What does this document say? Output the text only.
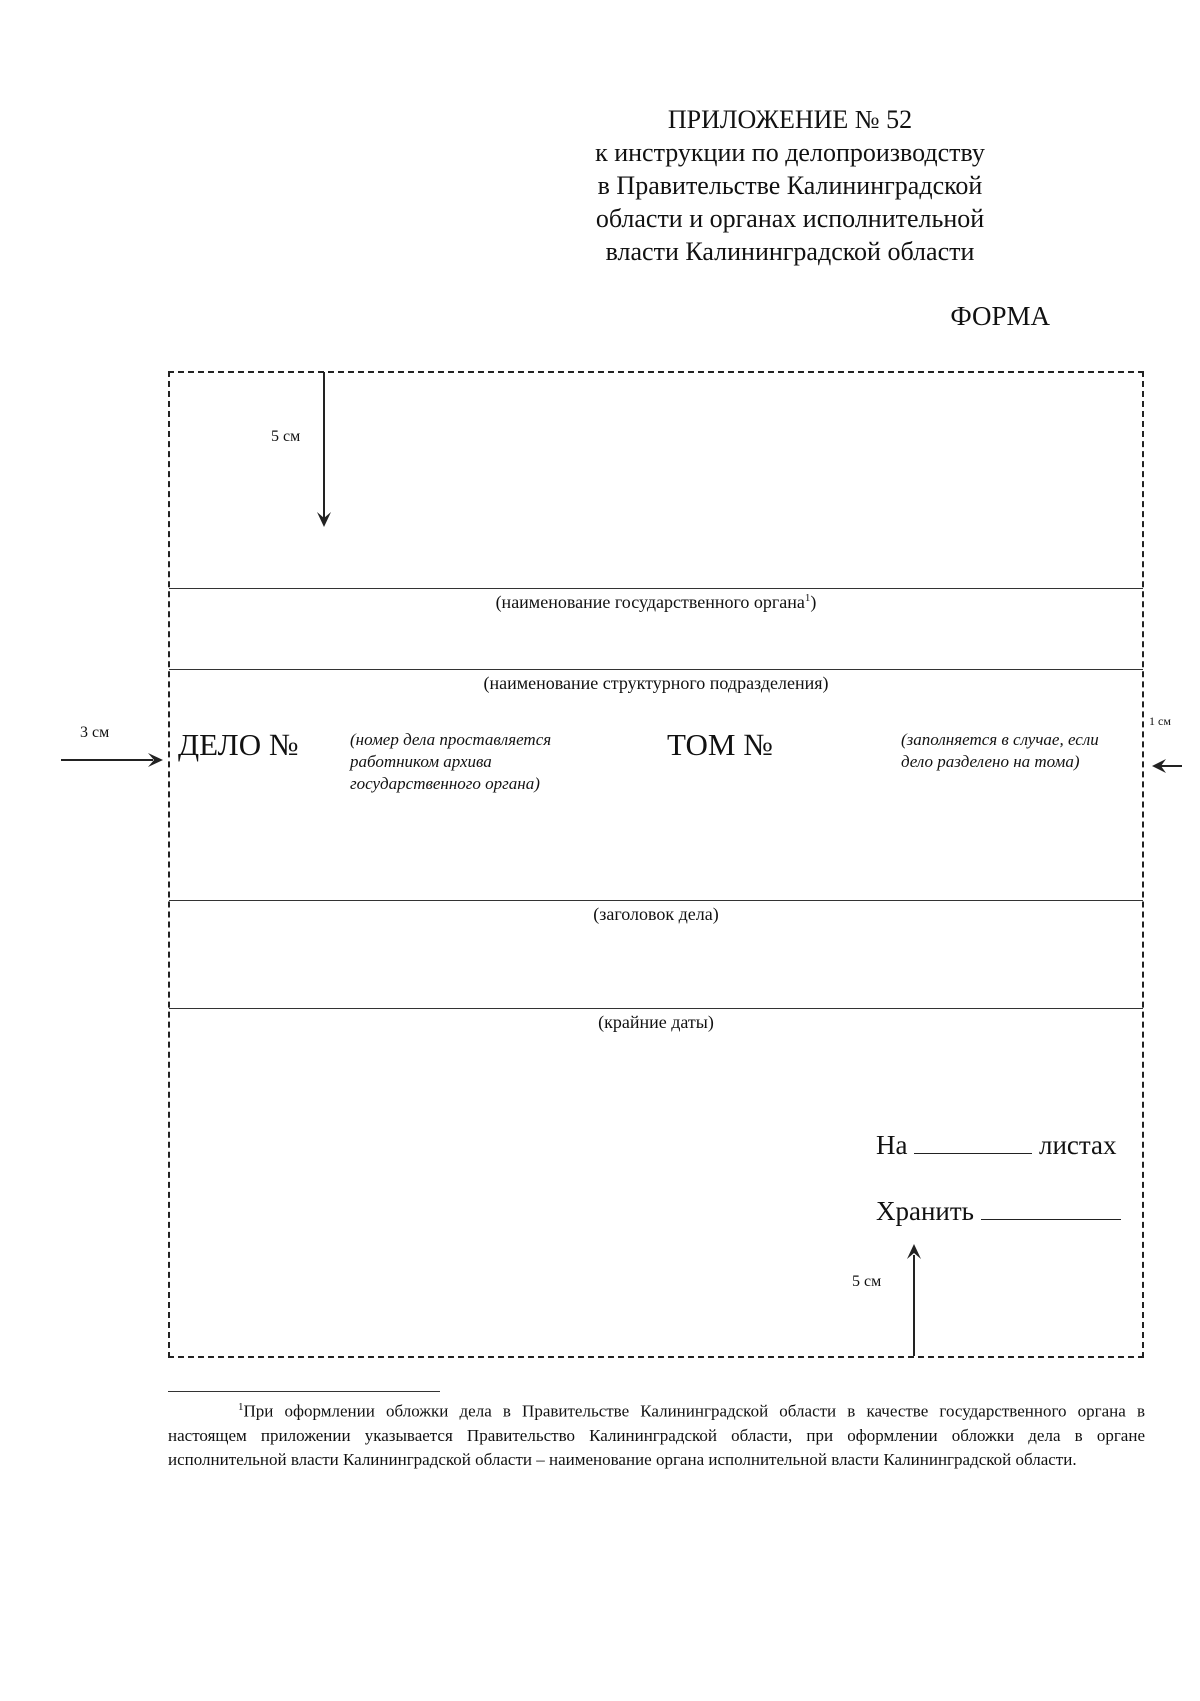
ПРИЛОЖЕНИЕ № 52
к инструкции по делопроизводству
в Правительстве Калининградской
области и органах исполнительной
власти Калининградской области
ФОРМА
5 см
(наименование государственного органа$^1$)
(наименование структурного подразделения)
3 см
1 см
ДЕЛО №	(номер дела проставляется
работником архива
государственного органа)
ТОМ №	(заполняется в случае, если
дело разделено на тома)
(заголовок дела)
(крайние даты)
На	листах
Хранить
5 см
$^1$При оформлении обложки дела в Правительстве Калининградской области в качестве государственного органа в настоящем приложении указывается Правительство Калининградской области, при оформлении обложки дела в органе исполнительной власти Калининградской области – наименование органа исполнительной власти Калининградской области.
